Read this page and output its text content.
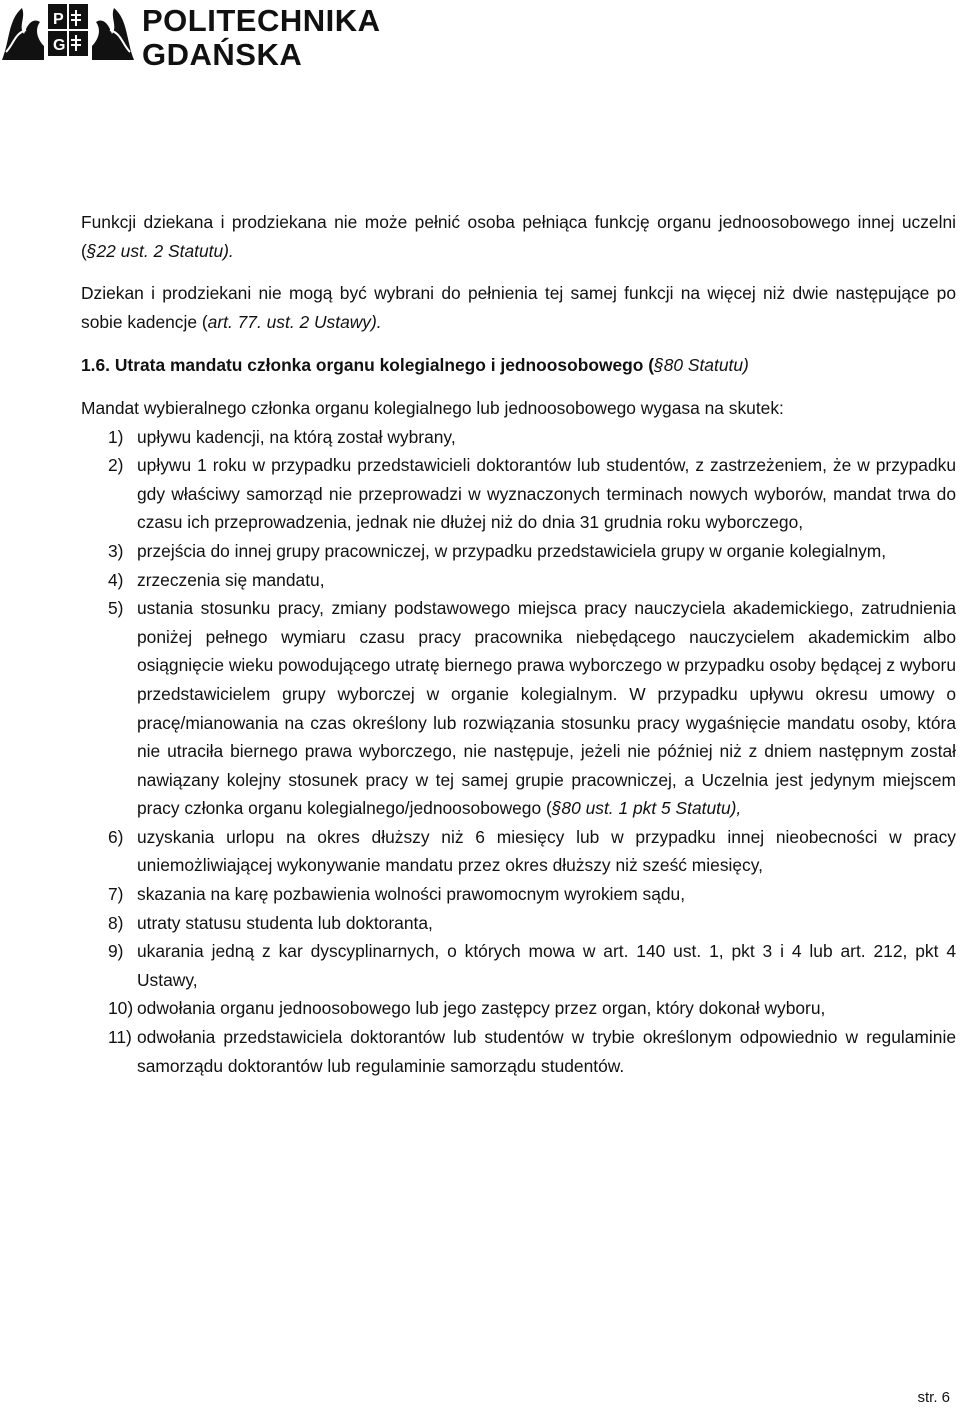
P
G
POLITECHNIKA
GDAŃSKA

Funkcji dziekana i prodziekana nie może pełnić osoba pełniąca funkcję organu jednoosobowego innej uczelni (§22 ust. 2 Statutu).

Dziekan i prodziekani nie mogą być wybrani do pełnienia tej samej funkcji na więcej niż dwie następujące po sobie kadencje (art. 77. ust. 2 Ustawy).

1.6. Utrata mandatu członka organu kolegialnego i jednoosobowego (§80 Statutu)

Mandat wybieralnego członka organu kolegialnego lub jednoosobowego wygasa na skutek:

1) upływu kadencji, na którą został wybrany,
2) upływu 1 roku w przypadku przedstawicieli doktorantów lub studentów, z zastrzeżeniem, że w przypadku gdy właściwy samorząd nie przeprowadzi w wyznaczonych terminach nowych wyborów, mandat trwa do czasu ich przeprowadzenia, jednak nie dłużej niż do dnia 31 grudnia roku wyborczego,
3) przejścia do innej grupy pracowniczej, w przypadku przedstawiciela grupy w organie kolegialnym,
4) zrzeczenia się mandatu,
5) ustania stosunku pracy, zmiany podstawowego miejsca pracy nauczyciela akademickiego, zatrudnienia poniżej pełnego wymiaru czasu pracy pracownika niebędącego nauczycielem akademickim albo osiągnięcie wieku powodującego utratę biernego prawa wyborczego w przypadku osoby będącej z wyboru przedstawicielem grupy wyborczej w organie kolegialnym. W przypadku upływu okresu umowy o pracę/mianowania na czas określony lub rozwiązania stosunku pracy wygaśnięcie mandatu osoby, która nie utraciła biernego prawa wyborczego, nie następuje, jeżeli nie później niż z dniem następnym został nawiązany kolejny stosunek pracy w tej samej grupie pracowniczej, a Uczelnia jest jedynym miejscem pracy członka organu kolegialnego/jednoosobowego (§80 ust. 1 pkt 5 Statutu),
6) uzyskania urlopu na okres dłuższy niż 6 miesięcy lub w przypadku innej nieobecności w pracy uniemożliwiającej wykonywanie mandatu przez okres dłuższy niż sześć miesięcy,
7) skazania na karę pozbawienia wolności prawomocnym wyrokiem sądu,
8) utraty statusu studenta lub doktoranta,
9) ukarania jedną z kar dyscyplinarnych, o których mowa w art. 140 ust. 1, pkt 3 i 4 lub art. 212, pkt 4 Ustawy,
10) odwołania organu jednoosobowego lub jego zastępcy przez organ, który dokonał wyboru,
11) odwołania przedstawiciela doktorantów lub studentów w trybie określonym odpowiednio w regulaminie samorządu doktorantów lub regulaminie samorządu studentów.
str. 6
